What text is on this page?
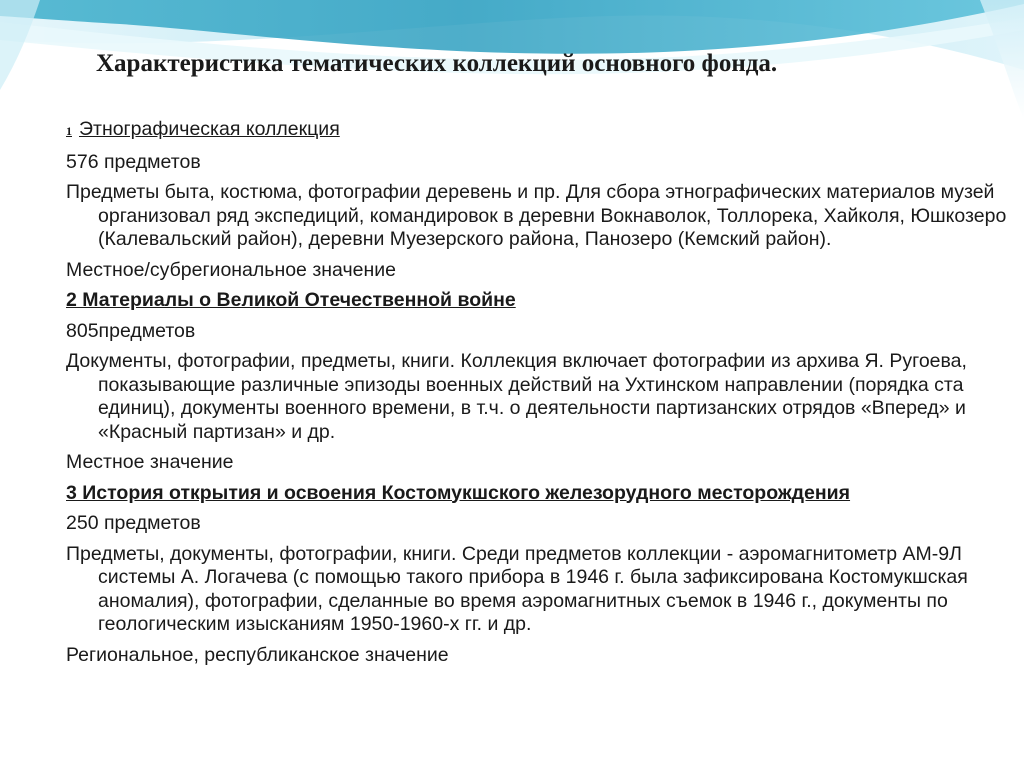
Характеристика тематических коллекций основного фонда.

1 Этнографическая коллекция

576 предметов

Предметы быта, костюма, фотографии деревень и пр. Для сбора этнографических материалов музей организовал ряд экспедиций, командировок в деревни Вокнаволок, Толлорека, Хайколя, Юшкозеро (Калевальский район), деревни Муезерского района, Панозеро (Кемский район).

Местное/субрегиональное значение

2 Материалы о Великой Отечественной войне

805предметов

Документы, фотографии, предметы, книги. Коллекция включает фотографии из архива Я. Ругоева, показывающие различные эпизоды военных действий на Ухтинском направлении (порядка ста единиц), документы военного времени, в т.ч. о деятельности партизанских отрядов «Вперед» и «Красный партизан» и др.

Местное значение

3 История открытия и освоения Костомукшского железорудного месторождения

250 предметов

Предметы, документы, фотографии, книги. Среди предметов коллекции - аэромагнитометр АМ-9Л системы А. Логачева (с помощью такого прибора в 1946 г. была зафиксирована Костомукшская аномалия), фотографии, сделанные во время аэромагнитных съемок в 1946 г., документы по геологическим изысканиям 1950-1960-х гг. и др.

Региональное, республиканское значение
